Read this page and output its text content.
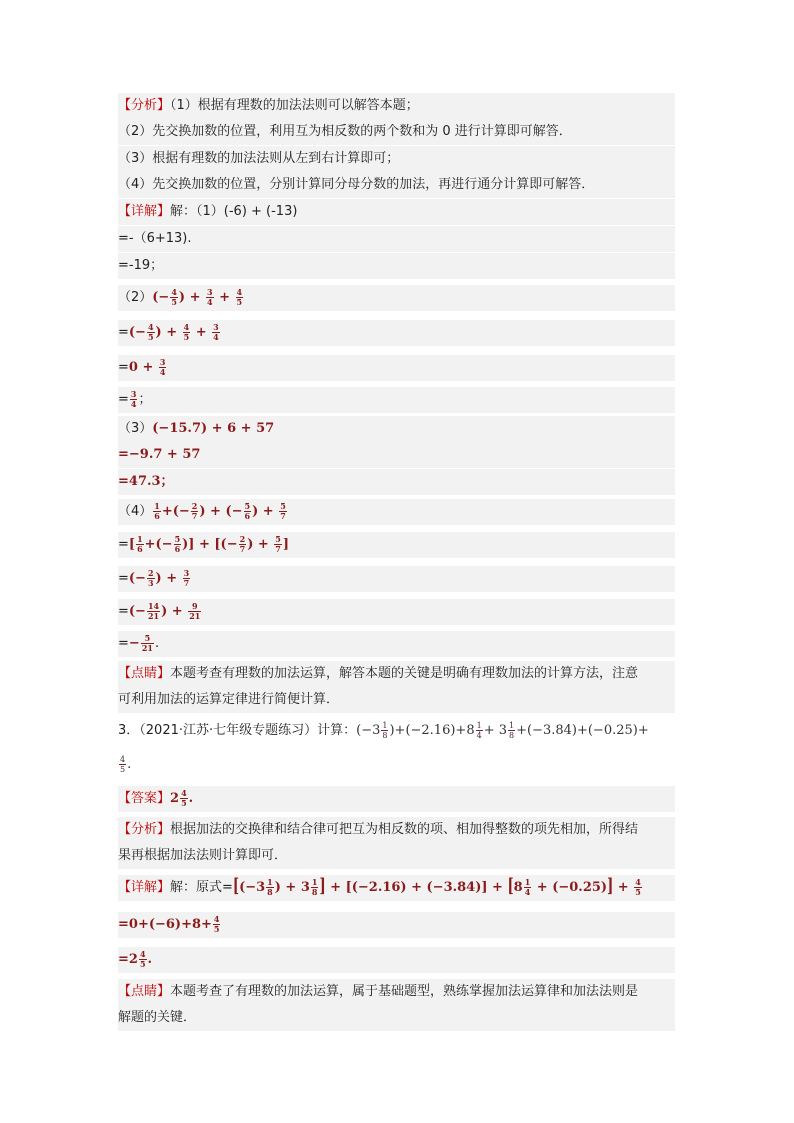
【分析】（1）根据有理数的加法法则可以解答本题；
（2）先交换加数的位置，利用互为相反数的两个数和为 0 进行计算即可解答．
（3）根据有理数的加法法则从左到右计算即可；
（4）先交换加数的位置，分别计算同分母分数的加法，再进行通分计算即可解答．
【详解】解：（1）(-6) + (-13)
=-（6+13).
=-19；
$(2)(- \frac{4}{5}$ ) + $\frac{3}{4} + \frac{4}{5}$
=(− $\frac{4}{5}$ ) + $\frac{4}{5} + \frac{3}{4}$
$=0 + \frac{3}{4}$
= $\frac{3}{4}$ ；
（3）(−15.7) + 6 + 57
=−9.7 + 57
=47.3；
$(4) \frac{1}{6}$ +(− $\frac{2}{7}$ ) + (− $\frac{5}{6}$ ) + $\frac{5}{7}$
=[ $\frac{1}{6}$ +(− $\frac{5}{6}$ )] + [(− $\frac{2}{7}$ ) + $\frac{5}{7}$ ]
=(− $\frac{2}{3}$ ) + $\frac{3}{7}$
=(− $\frac{14}{21}$ ) + $\frac{9}{21}$
=− $\frac{5}{21}$ .
【点睛】本题考查有理数的加法运算，解答本题的关键是明确有理数加法的计算方法，注意
可利用加法的运算定律进行简便计算．
3．（2021·江苏·七年级专题练习）计算：$(-3 \frac{1}{8} )+(-2.16)+8 \frac{1}{4} + 3 \frac{1}{8} +(-3.84)+(-0.25)+$
$\frac{4}{5}$ .
【答案】$2 \frac{4}{5}$ .
【分析】根据加法的交换律和结合律可把互为相反数的项、相加得整数的项先相加，所得结
果再根据加法法则计算即可．
【详解】解：原式$=[(-3 \frac{1}{8}$ ) + $3 \frac{1}{8}$ ] + $[(-2.16) + (-3.84)] + [8 \frac{1}{4} + (-0.25)] + \frac{4}{5}$
$=0+(-6)+8+ \frac{4}{5}$
$=2 \frac{4}{5}$ .
【点睛】本题考查了有理数的加法运算，属于基础题型，熟练掌握加法运算律和加法法则是
解题的关键．
